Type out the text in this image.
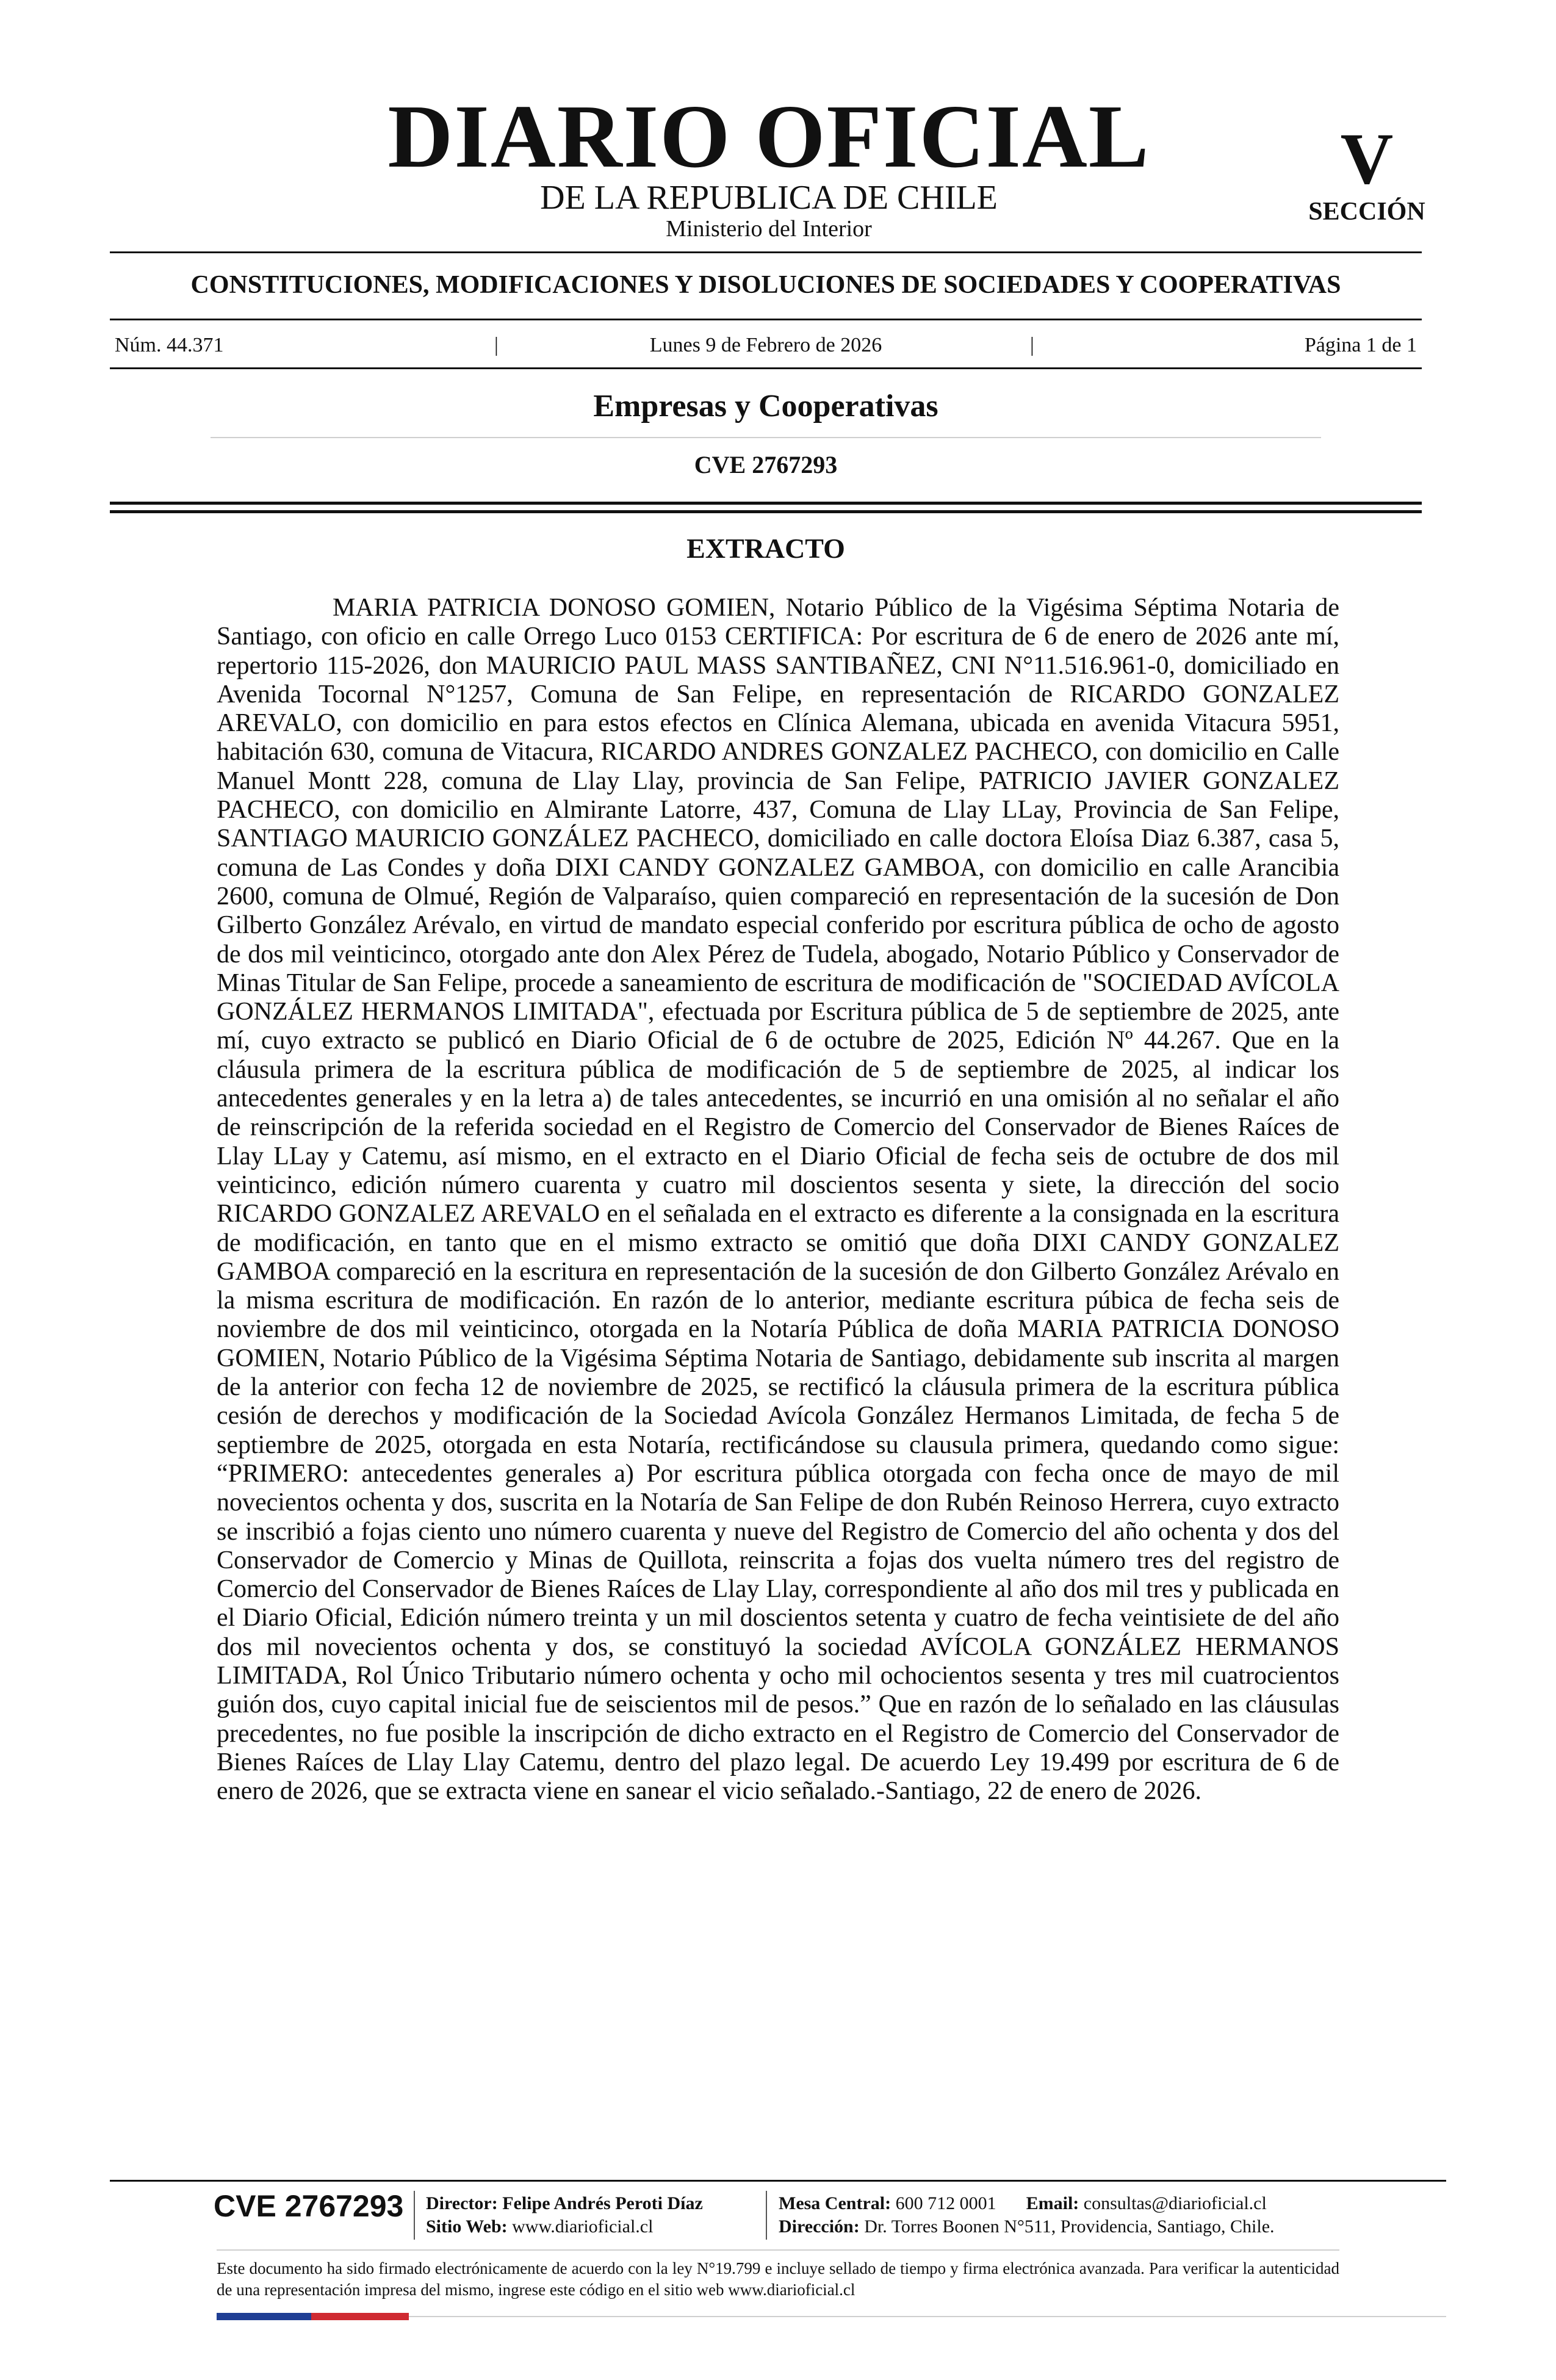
DIARIO OFICIAL
DE LA REPUBLICA DE CHILE
Ministerio del Interior
V
SECCIÓN
CONSTITUCIONES, MODIFICACIONES Y DISOLUCIONES DE SOCIEDADES Y COOPERATIVAS
Núm. 44.371	|	Lunes 9 de Febrero de 2026	|	Página 1 de 1
Empresas y Cooperativas
CVE 2767293
EXTRACTO

MARIA PATRICIA DONOSO GOMIEN, Notario Público de la Vigésima Séptima Notaria de Santiago, con oficio en calle Orrego Luco 0153 CERTIFICA: Por escritura de 6 de enero de 2026 ante mí, repertorio 115-2026, don MAURICIO PAUL MASS SANTIBAÑEZ, CNI N°11.516.961-0, domiciliado en Avenida Tocornal N°1257, Comuna de San Felipe, en representación de RICARDO GONZALEZ AREVALO, con domicilio en para estos efectos en Clínica Alemana, ubicada en avenida Vitacura 5951, habitación 630, comuna de Vitacura, RICARDO ANDRES GONZALEZ PACHECO, con domicilio en Calle Manuel Montt 228, comuna de Llay Llay, provincia de San Felipe, PATRICIO JAVIER GONZALEZ PACHECO, con domicilio en Almirante Latorre, 437, Comuna de Llay LLay, Provincia de San Felipe, SANTIAGO MAURICIO GONZÁLEZ PACHECO, domiciliado en calle doctora Eloísa Diaz 6.387, casa 5, comuna de Las Condes y doña DIXI CANDY GONZALEZ GAMBOA, con domicilio en calle Arancibia 2600, comuna de Olmué, Región de Valparaíso, quien compareció en representación de la sucesión de Don Gilberto González Arévalo, en virtud de mandato especial conferido por escritura pública de ocho de agosto de dos mil veinticinco, otorgado ante don Alex Pérez de Tudela, abogado, Notario Público y Conservador de Minas Titular de San Felipe, procede a saneamiento de escritura de modificación de "SOCIEDAD AVÍCOLA GONZÁLEZ HERMANOS LIMITADA", efectuada por Escritura pública de 5 de septiembre de 2025, ante mí, cuyo extracto se publicó en Diario Oficial de 6 de octubre de 2025, Edición Nº 44.267. Que en la cláusula primera de la escritura pública de modificación de 5 de septiembre de 2025, al indicar los antecedentes generales y en la letra a) de tales antecedentes, se incurrió en una omisión al no señalar el año de reinscripción de la referida sociedad en el Registro de Comercio del Conservador de Bienes Raíces de Llay LLay y Catemu, así mismo, en el extracto en el Diario Oficial de fecha seis de octubre de dos mil veinticinco, edición número cuarenta y cuatro mil doscientos sesenta y siete, la dirección del socio RICARDO GONZALEZ AREVALO en el señalada en el extracto es diferente a la consignada en la escritura de modificación, en tanto que en el mismo extracto se omitió que doña DIXI CANDY GONZALEZ GAMBOA compareció en la escritura en representación de la sucesión de don Gilberto González Arévalo en la misma escritura de modificación. En razón de lo anterior, mediante escritura púbica de fecha seis de noviembre de dos mil veinticinco, otorgada en la Notaría Pública de doña MARIA PATRICIA DONOSO GOMIEN, Notario Público de la Vigésima Séptima Notaria de Santiago, debidamente sub inscrita al margen de la anterior con fecha 12 de noviembre de 2025, se rectificó la cláusula primera de la escritura pública cesión de derechos y modificación de la Sociedad Avícola González Hermanos Limitada, de fecha 5 de septiembre de 2025, otorgada en esta Notaría, rectificándose su clausula primera, quedando como sigue: “PRIMERO: antecedentes generales a) Por escritura pública otorgada con fecha once de mayo de mil novecientos ochenta y dos, suscrita en la Notaría de San Felipe de don Rubén Reinoso Herrera, cuyo extracto se inscribió a fojas ciento uno número cuarenta y nueve del Registro de Comercio del año ochenta y dos del Conservador de Comercio y Minas de Quillota, reinscrita a fojas dos vuelta número tres del registro de Comercio del Conservador de Bienes Raíces de Llay Llay, correspondiente al año dos mil tres y publicada en el Diario Oficial, Edición número treinta y un mil doscientos setenta y cuatro de fecha veintisiete de del año dos mil novecientos ochenta y dos, se constituyó la sociedad AVÍCOLA GONZÁLEZ HERMANOS LIMITADA, Rol Único Tributario número ochenta y ocho mil ochocientos sesenta y tres mil cuatrocientos guión dos, cuyo capital inicial fue de seiscientos mil de pesos.” Que en razón de lo señalado en las cláusulas precedentes, no fue posible la inscripción de dicho extracto en el Registro de Comercio del Conservador de Bienes Raíces de Llay Llay Catemu, dentro del plazo legal. De acuerdo Ley 19.499 por escritura de 6 de enero de 2026, que se extracta viene en sanear el vicio señalado.-Santiago, 22 de enero de 2026.

CVE 2767293 Director: Felipe Andrés Peroti Díaz
Sitio Web: www.diarioficial.cl
Mesa Central: 600 712 0001 Email: consultas@diarioficial.cl
Dirección: Dr. Torres Boonen N°511, Providencia, Santiago, Chile.

Este documento ha sido firmado electrónicamente de acuerdo con la ley N°19.799 e incluye sellado de tiempo y firma electrónica avanzada. Para verificar la autenticidad de una representación impresa del mismo, ingrese este código en el sitio web www.diarioficial.cl
